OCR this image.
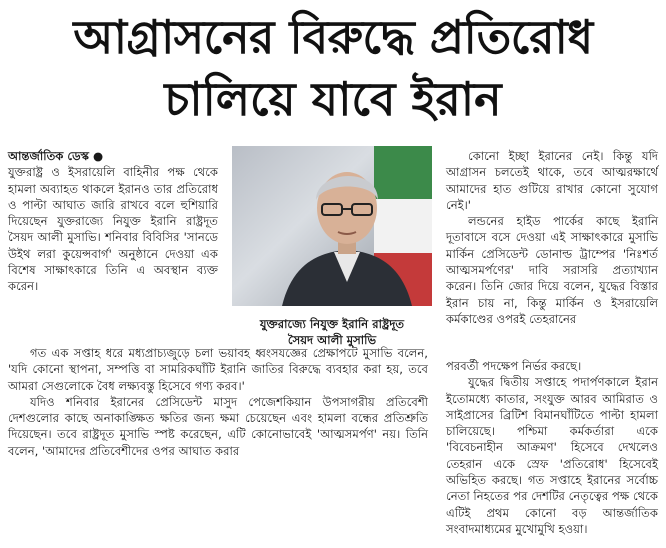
আগ্রাসনের বিরুদ্ধে প্রতিরোধ
চালিয়ে যাবে ইরান

আন্তর্জাতিক ডেস্ক ●

যুক্তরাষ্ট্র ও ইসরায়েলি বাহিনীর পক্ষ থেকে হামলা অব্যাহত থাকলে ইরানও তার প্রতিরোধ ও পাল্টা আঘাত জারি রাখবে বলে হুশিয়ারি দিয়েছেন যুক্তরাজ্যে নিযুক্ত ইরানি রাষ্ট্রদূত সৈয়দ আলী মুসাভি। শনিবার বিবিসির 'সানডে উইথ লরা কুয়েন্সবার্গ' অনুষ্ঠানে দেওয়া এক বিশেষ সাক্ষাৎকারে তিনি এ অবস্থান ব্যক্ত করেন।

যুক্তরাজ্যে নিযুক্ত ইরানি রাষ্ট্রদূত
সৈয়দ আলী মুসাভি

কোনো ইচ্ছা ইরানের নেই। কিন্তু যদি আগ্রাসন চলতেই থাকে, তবে আত্মরক্ষার্থে আমাদের হাত গুটিয়ে রাখার কোনো সুযোগ নেই।'

লন্ডনের হাইড পার্কের কাছে ইরানি দূতাবাসে বসে দেওয়া এই সাক্ষাৎকারে মুসাভি মার্কিন প্রেসিডেন্ট ডোনাল্ড ট্রাম্পের 'নিঃশর্ত আত্মসমর্পণের' দাবি সরাসরি প্রত্যাখ্যান করেন। তিনি জোর দিয়ে বলেন, যুদ্ধের বিস্তার ইরান চায় না, কিন্তু মার্কিন ও ইসরায়েলি কর্মকাণ্ডের ওপরই তেহরানের

গত এক সপ্তাহ ধরে মধ্যপ্রাচ্যজুড়ে চলা ভয়াবহ ধ্বংসযজ্ঞের প্রেক্ষাপটে মুসাভি বলেন, 'যদি কোনো স্থাপনা, সম্পত্তি বা সামরিকঘাঁটি ইরানি জাতির বিরুদ্ধে ব্যবহার করা হয়, তবে আমরা সেগুলোকে বৈধ লক্ষ্যবস্তু হিসেবে গণ্য করব।'

যদিও শনিবার ইরানের প্রেসিডেন্ট মাসুদ পেজেশকিয়ান উপসাগরীয় প্রতিবেশী দেশগুলোর কাছে অনাকাঙ্ক্ষিত ক্ষতির জন্য ক্ষমা চেয়েছেন এবং হামলা বন্ধের প্রতিশ্রুতি দিয়েছেন। তবে রাষ্ট্রদূত মুসাভি স্পষ্ট করেছেন, এটি কোনোভাবেই 'আত্মসমর্পণ' নয়। তিনি বলেন, 'আমাদের প্রতিবেশীদের ওপর আঘাত করার

পরবর্তী পদক্ষেপ নির্ভর করছে।

যুদ্ধের দ্বিতীয় সপ্তাহে পদার্পণকালে ইরান ইতোমধ্যে কাতার, সংযুক্ত আরব আমিরাত ও সাইপ্রাসের ব্রিটিশ বিমানঘাঁটিতে পাল্টা হামলা চালিয়েছে। পশ্চিমা কর্মকর্তারা একে 'বিবেচনাহীন আক্রমণ' হিসেবে দেখলেও তেহরান একে স্রেফ 'প্রতিরোধ' হিসেবেই অভিহিত করছে। গত সপ্তাহে ইরানের সর্বোচ্চ নেতা নিহতের পর দেশটির নেতৃত্বের পক্ষ থেকে এটিই প্রথম কোনো বড় আন্তর্জাতিক সংবাদমাধ্যমের মুখোমুখি হওয়া।
